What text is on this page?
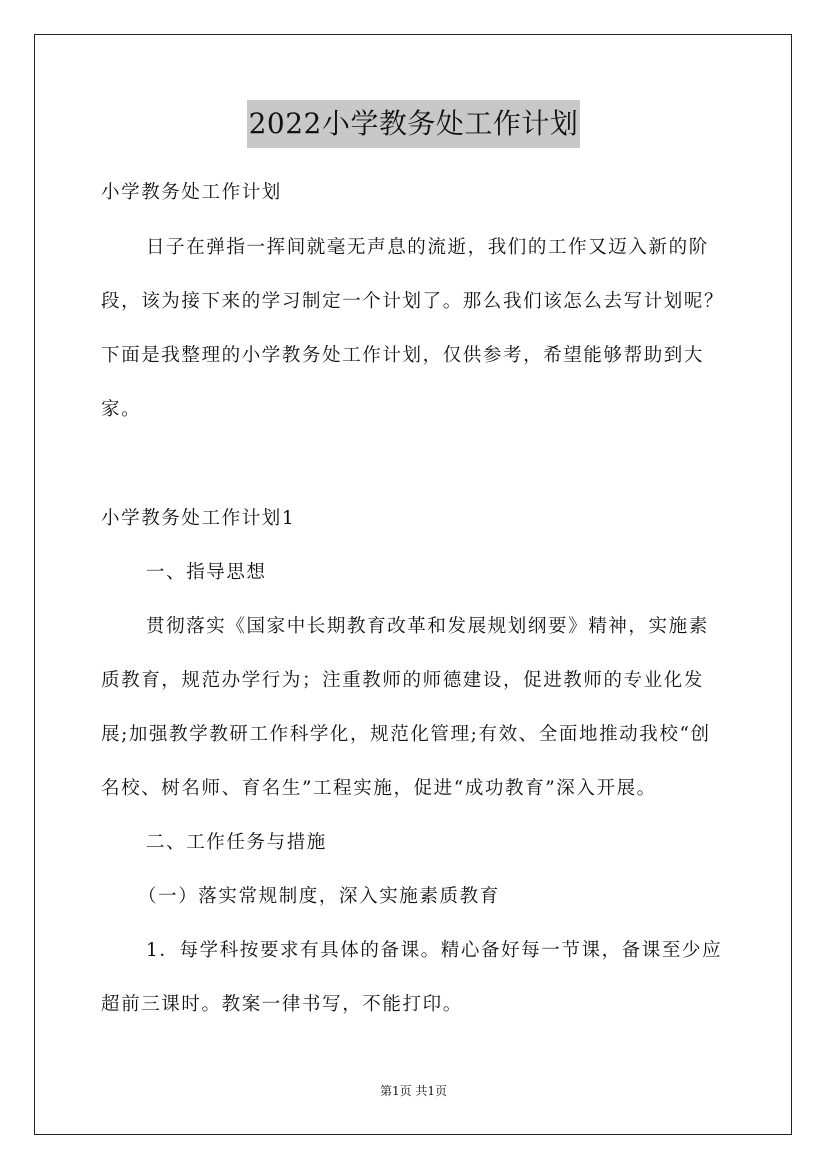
2022小学教务处工作计划
小学教务处工作计划
日子在弹指一挥间就毫无声息的流逝，我们的工作又迈入新的阶
段，该为接下来的学习制定一个计划了。那么我们该怎么去写计划呢？
下面是我整理的小学教务处工作计划，仅供参考，希望能够帮助到大
家。
小学教务处工作计划1
一、指导思想
贯彻落实《国家中长期教育改革和发展规划纲要》精神，实施素
质教育，规范办学行为；注重教师的师德建设，促进教师的专业化发
展;加强教学教研工作科学化，规范化管理;有效、全面地推动我校“创
名校、树名师、育名生”工程实施，促进“成功教育”深入开展。
二、工作任务与措施
（一）落实常规制度，深入实施素质教育
1．每学科按要求有具体的备课。精心备好每一节课，备课至少应
超前三课时。教案一律书写，不能打印。
第1页 共1页
